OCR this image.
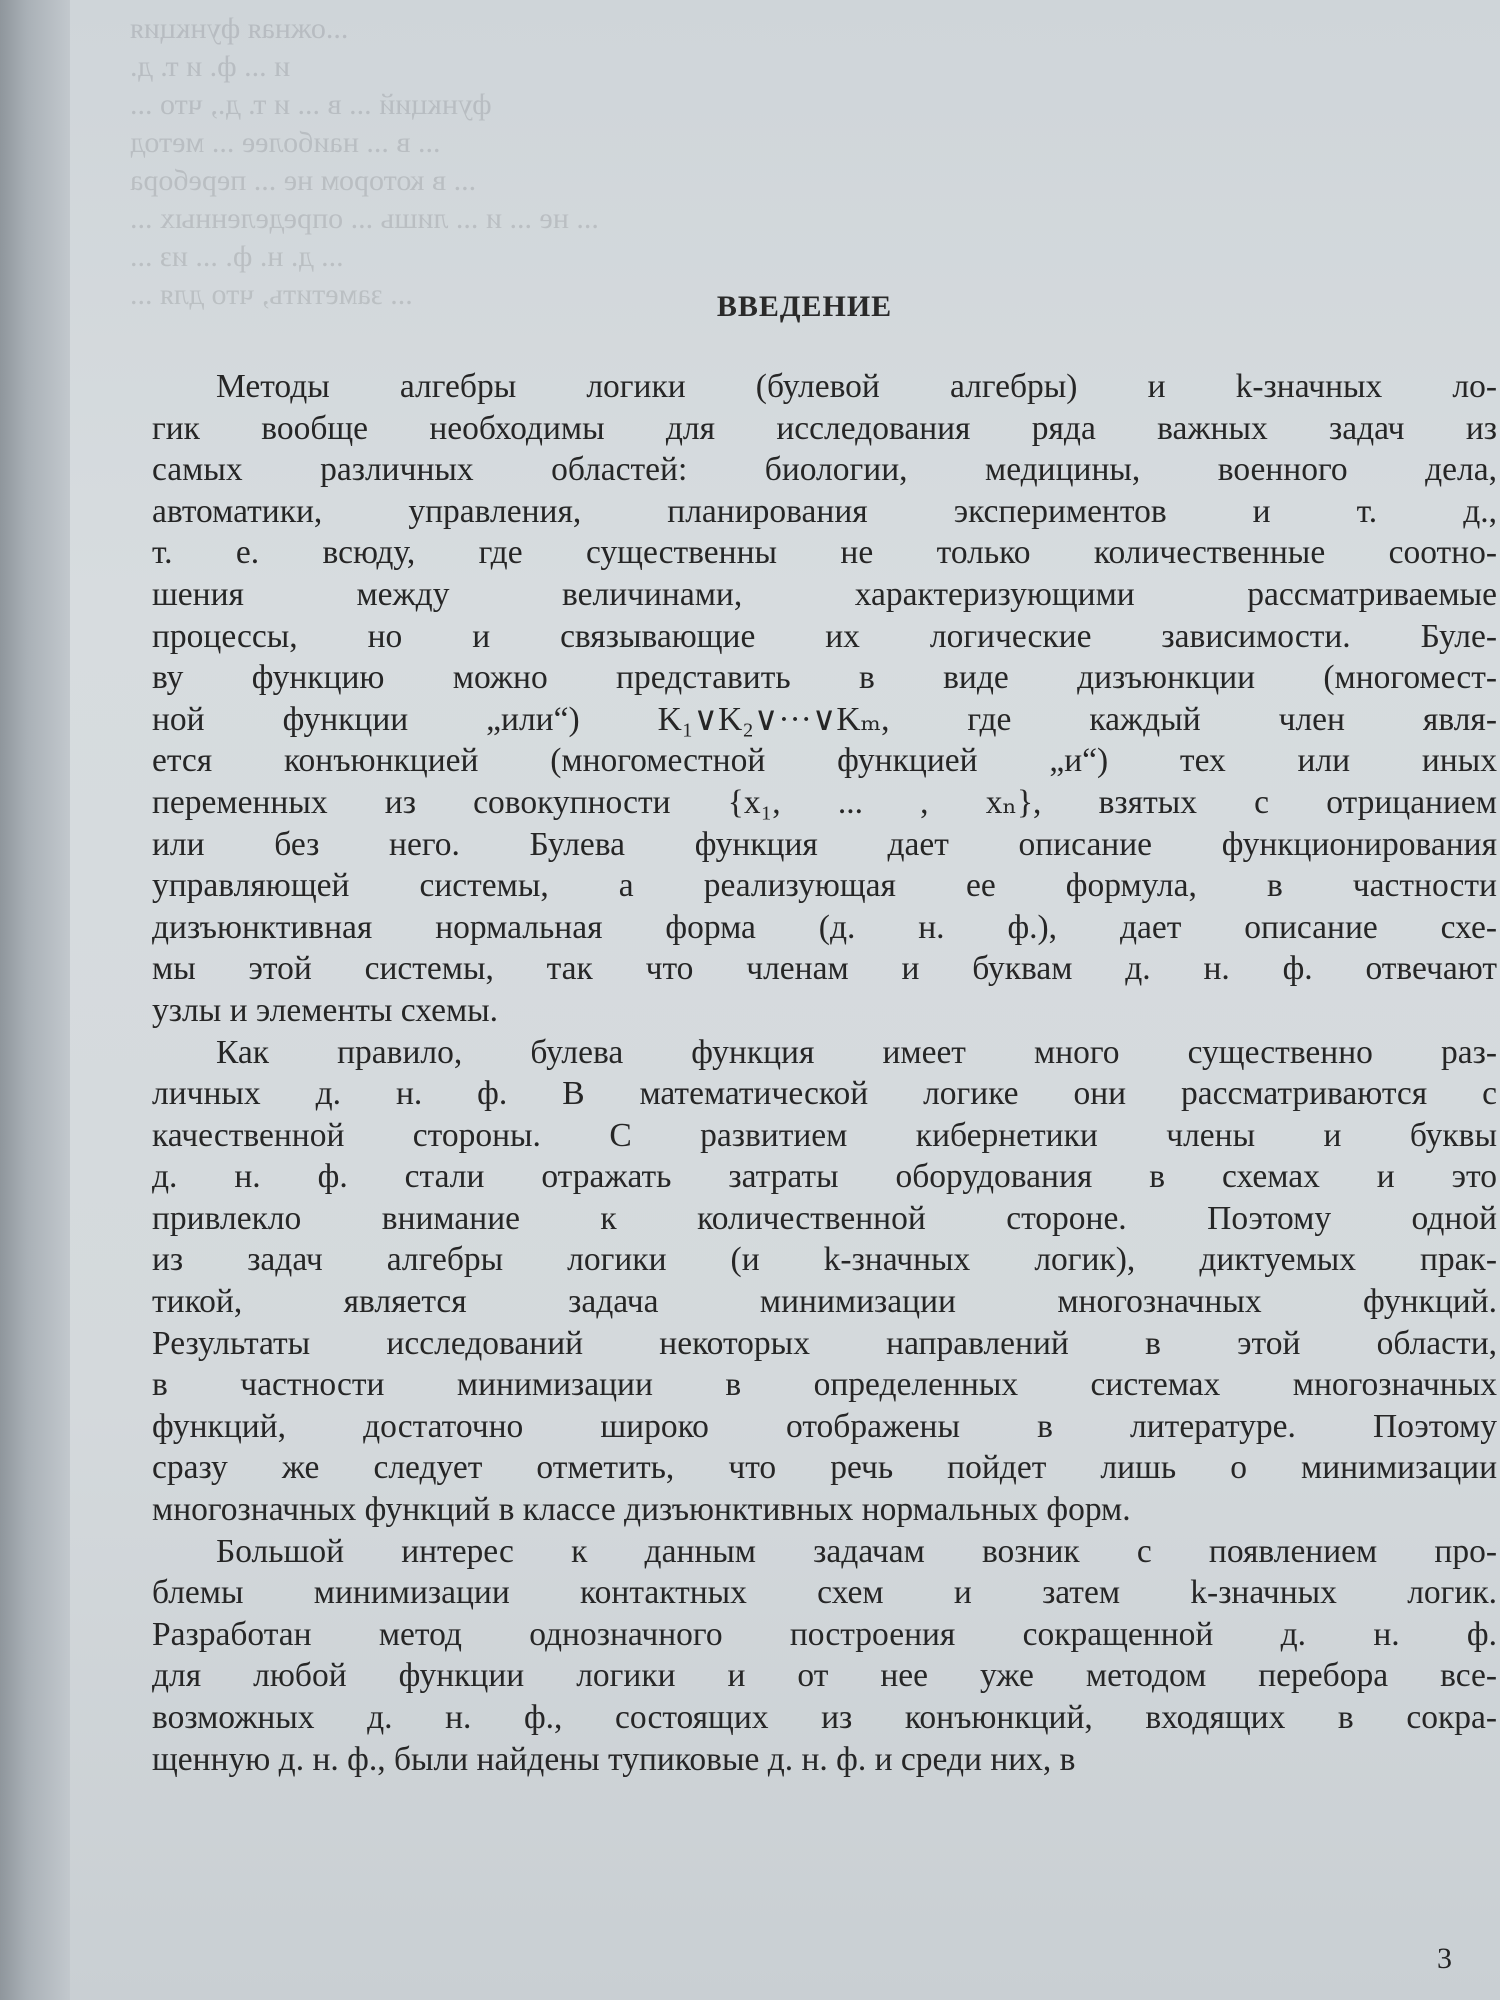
...ожная функция
и ... ф. и т. д.
функций ... в ... и т. д., что ...
... в ... наиболее ... метод
... в котором не ... перебора
... не ... и ... лишь ... определенных ...
... д. н. ф. ... из ...
... заметить, что для ...	ВВЕДЕНИЕ

Методы алгебры логики (булевой алгебры) и k-значных ло-
гик вообще необходимы для исследования ряда важных задач из
самых различных областей: биологии, медицины, военного дела,
автоматики, управления, планирования экспериментов и т. д.,
т. е. всюду, где существенны не только количественные соотно-
шения между величинами, характеризующими рассматриваемые
процессы, но и связывающие их логические зависимости. Буле-
ву функцию можно представить в виде дизъюнкции (многомест-
ной функции „или“) K₁∨K₂∨···∨Kₘ, где каждый член явля-
ется конъюнкцией (многоместной функцией „и“) тех или иных
переменных из совокупности {x₁, ... , xₙ}, взятых с отрицанием
или без него. Булева функция дает описание функционирования
управляющей системы, а реализующая ее формула, в частности
дизъюнктивная нормальная форма (д. н. ф.), дает описание схе-
мы этой системы, так что членам и буквам д. н. ф. отвечают
узлы и элементы схемы.

Как правило, булева функция имеет много существенно раз-
личных д. н. ф. В математической логике они рассматриваются с
качественной стороны. С развитием кибернетики члены и буквы
д. н. ф. стали отражать затраты оборудования в схемах и это
привлекло внимание к количественной стороне. Поэтому одной
из задач алгебры логики (и k-значных логик), диктуемых прак-
тикой, является задача минимизации многозначных функций.
Результаты исследований некоторых направлений в этой области,
в частности минимизации в определенных системах многозначных
функций, достаточно широко отображены в литературе. Поэтому
сразу же следует отметить, что речь пойдет лишь о минимизации
многозначных функций в классе дизъюнктивных нормальных форм.

Большой интерес к данным задачам возник с появлением про-
блемы минимизации контактных схем и затем k-значных логик.
Разработан метод однозначного построения сокращенной д. н. ф.
для любой функции логики и от нее уже методом перебора все-
возможных д. н. ф., состоящих из конъюнкций, входящих в сокра-
щенную д. н. ф., были найдены тупиковые д. н. ф. и среди них, в

3
